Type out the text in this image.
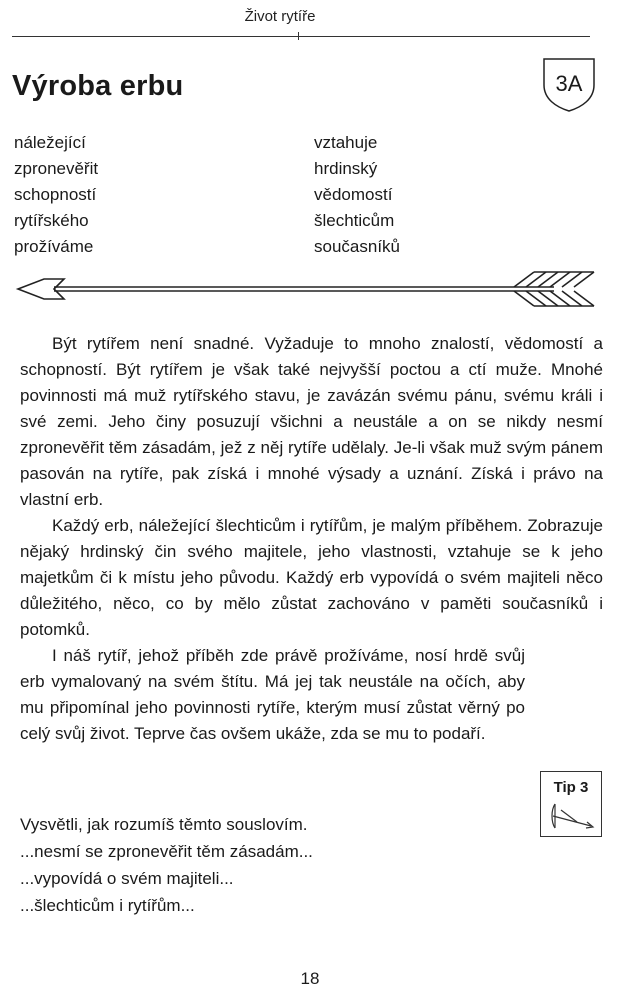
Život rytíře
Výroba erbu	3A
náležející
zpronevěřit
schopností
rytířského
prožíváme
vztahuje
hrdinský
vědomostí
šlechticům
současníků

Být rytířem není snadné. Vyžaduje to mnoho znalostí, vědomostí a schopností. Být rytířem je však také nejvyšší poctou a ctí muže. Mnohé povinnosti má muž rytířského stavu, je zavázán svému pánu, svému králi i své zemi. Jeho činy posuzují všichni a neustále a on se nikdy nesmí zpronevěřit těm zásadám, jež z něj rytíře udělaly. Je-li však muž svým pánem pasován na rytíře, pak získá i mnohé výsady a uznání. Získá i právo na vlastní erb.

Každý erb, náležející šlechticům i rytířům, je malým příběhem. Zobrazuje nějaký hrdinský čin svého majitele, jeho vlastnosti, vztahuje se k jeho majetkům či k místu jeho původu. Každý erb vypovídá o svém majiteli něco důležitého, něco, co by mělo zůstat zachováno v paměti současníků i potomků.

I náš rytíř, jehož příběh zde právě prožíváme, nosí hrdě svůj erb vymalovaný na svém štítu. Má jej tak neustále na očích, aby mu připomínal jeho povinnosti rytíře, kterým musí zůstat věrný po celý svůj život. Teprve čas ovšem ukáže, zda se mu to podaří.

Tip 3
Vysvětli, jak rozumíš těmto souslovím.
...nesmí se zpronevěřit těm zásadám...
...vypovídá o svém majiteli...
...šlechticům i rytířům...
18
